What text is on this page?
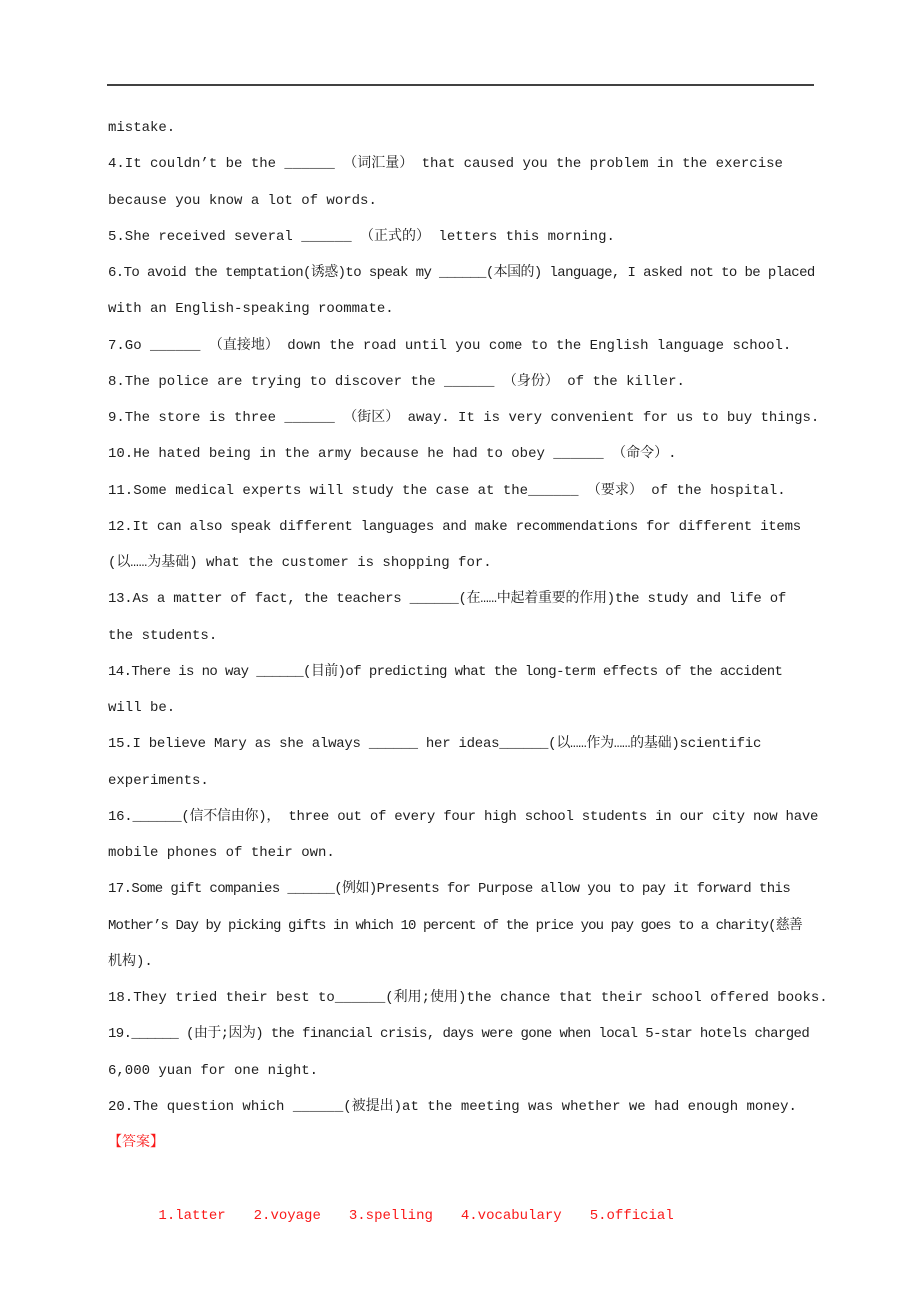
mistake.
4.It couldn’t be the ______ （词汇量） that caused you the problem in the exercise
because you know a lot of words.
5.She received several ______ （正式的） letters this morning.
6.To avoid the temptation(诱惑)to speak my ______(本国的) language, I asked not to be placed
with an English-speaking roommate.
7.Go ______ （直接地） down the road until you come to the English language school.
8.The police are trying to discover the ______ （身份） of the killer.
9.The store is three ______ （街区） away. It is very convenient for us to buy things.
10.He hated being in the army because he had to obey ______ （命令）.
11.Some medical experts will study the case at the______ （要求） of the hospital.
12.It can also speak different languages and make recommendations for different items
(以……为基础) what the customer is shopping for.
13.As a matter of fact, the teachers ______(在……中起着重要的作用)the study and life of
the students.
14.There is no way ______(目前)of predicting what the long-term effects of the accident
will be.
15.I believe Mary as she always ______ her ideas______(以……作为……的基础)scientific
experiments.
16.______(信不信由你)， three out of every four high school students in our city now have
mobile phones of their own.
17.Some gift companies ______(例如)Presents for Purpose allow you to pay it forward this
Mother’s Day by picking gifts in which 10 percent of the price you pay goes to a charity(慈善
机构).
18.They tried their best to______(利用;使用)the chance that their school offered books.
19.______ (由于;因为) the financial crisis, days were gone when local 5-star hotels charged
6,000 yuan for one night.
20.The question which ______(被提出)at the meeting was whether we had enough money.
【答案】

1.latter 2.voyage 3.spelling 4.vocabulary 5.official
